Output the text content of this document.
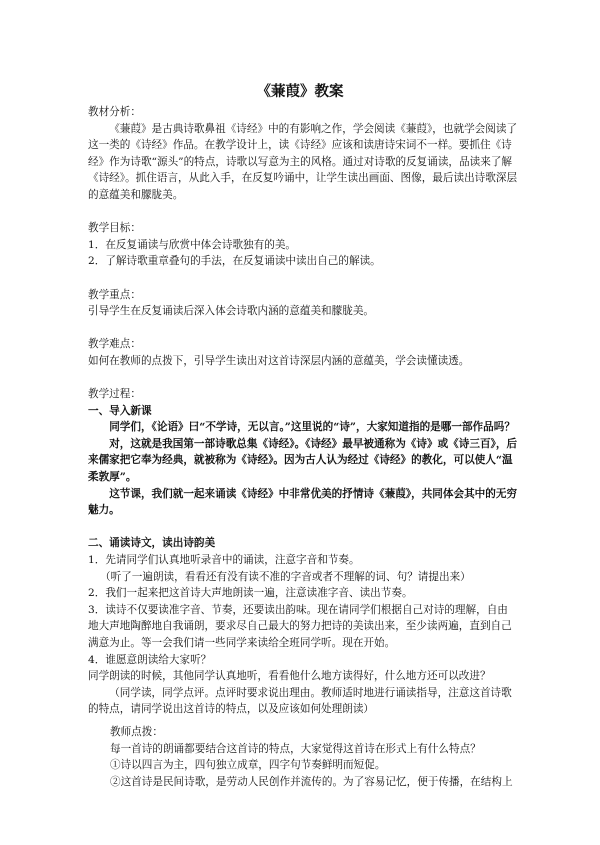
《蒹葭》教案

教材分析：

《蒹葭》是古典诗歌鼻祖《诗经》中的有影响之作，学会阅读《蒹葭》，也就学会阅读了这一类的《诗经》作品。在教学设计上，读《诗经》应该和读唐诗宋词不一样。要抓住《诗经》作为诗歌“源头”的特点，诗歌以写意为主的风格。通过对诗歌的反复诵读，品读来了解《诗经》。抓住语言，从此入手，在反复吟诵中，让学生读出画面、图像，最后读出诗歌深层的意蕴美和朦胧美。

教学目标：

1．在反复诵读与欣赏中体会诗歌独有的美。

2．了解诗歌重章叠句的手法，在反复诵读中读出自己的解读。

教学重点：

引导学生在反复诵读后深入体会诗歌内涵的意蕴美和朦胧美。

教学难点：

如何在教师的点拨下，引导学生读出对这首诗深层内涵的意蕴美，学会读懂读透。

教学过程：

一、导入新课

同学们，《论语》曰“不学诗，无以言。”这里说的“诗”，大家知道指的是哪一部作品吗？

对，这就是我国第一部诗歌总集《诗经》。《诗经》最早被通称为《诗》或《诗三百》，后来儒家把它奉为经典，就被称为《诗经》。因为古人认为经过《诗经》的教化，可以使人“温柔敦厚”。

这节课，我们就一起来诵读《诗经》中非常优美的抒情诗《蒹葭》，共同体会其中的无穷魅力。

二、诵读诗文，读出诗韵美

1．先请同学们认真地听录音中的诵读，注意字音和节奏。

（听了一遍朗读，看看还有没有读不准的字音或者不理解的词、句？请提出来）

2．我们一起来把这首诗大声地朗读一遍，注意读准字音、读出节奏。

3．读诗不仅要读准字音、节奏，还要读出韵味。现在请同学们根据自己对诗的理解，自由地大声地陶醉地自我诵朗，要求尽自己最大的努力把诗的美读出来，至少读两遍，直到自己满意为止。等一会我们请一些同学来读给全班同学听。现在开始。

4．谁愿意朗读给大家听？

同学朗读的时候，其他同学认真地听，看看他什么地方读得好，什么地方还可以改进？

（同学读，同学点评。点评时要求说出理由。教师适时地进行诵读指导，注意这首诗歌的特点，请同学说出这首诗的特点，以及应该如何处理朗读）

教师点拨：

每一首诗的朗诵都要结合这首诗的特点，大家觉得这首诗在形式上有什么特点？

①诗以四言为主，四句独立成章，四字句节奏鲜明而短促。

②这首诗是民间诗歌，是劳动人民创作并流传的。为了容易记忆，便于传播，在结构上
